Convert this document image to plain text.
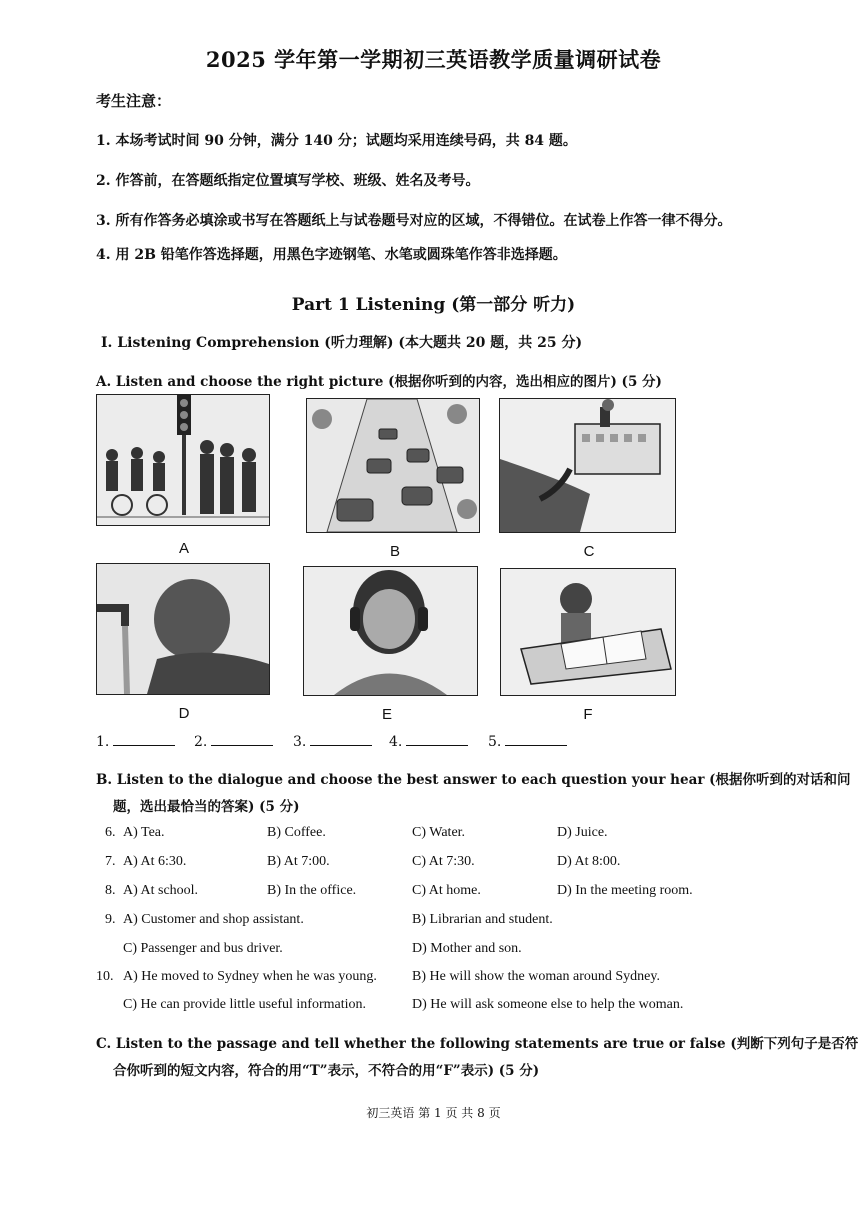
2025 学年第一学期初三英语教学质量调研试卷
考生注意：
1. 本场考试时间 90 分钟，满分 140 分；试题均采用连续号码，共 84 题。
2. 作答前，在答题纸指定位置填写学校、班级、姓名及考号。
3. 所有作答务必填涂或书写在答题纸上与试卷题号对应的区域，不得错位。在试卷上作答一律不得分。
4. 用 2B 铅笔作答选择题，用黑色字迹钢笔、水笔或圆珠笔作答非选择题。
Part 1 Listening (第一部分 听力)
I. Listening Comprehension (听力理解) (本大题共 20 题，共 25 分)
A. Listen and choose the right picture (根据你听到的内容，选出相应的图片) (5 分)
A	B	C
D	E	F
1.	2.	3.	4.	5.
B. Listen to the dialogue and choose the best answer to each question your hear (根据你听到的对话和问
题，选出最恰当的答案) (5 分)
6. A) Tea.	B) Coffee.	C) Water.	D) Juice.
7. A) At 6:30.	B) At 7:00.	C) At 7:30.	D) At 8:00.
8. A) At school.	B) In the office.	C) At home.	D) In the meeting room.
9. A) Customer and shop assistant.	B) Librarian and student.
C) Passenger and bus driver.	D) Mother and son.
10. A) He moved to Sydney when he was young.	B) He will show the woman around Sydney.
C) He can provide little useful information.	D) He will ask someone else to help the woman.
C. Listen to the passage and tell whether the following statements are true or false (判断下列句子是否符
合你听到的短文内容，符合的用“T”表示，不符合的用“F”表示) (5 分)
初三英语 第 1 页 共 8 页
